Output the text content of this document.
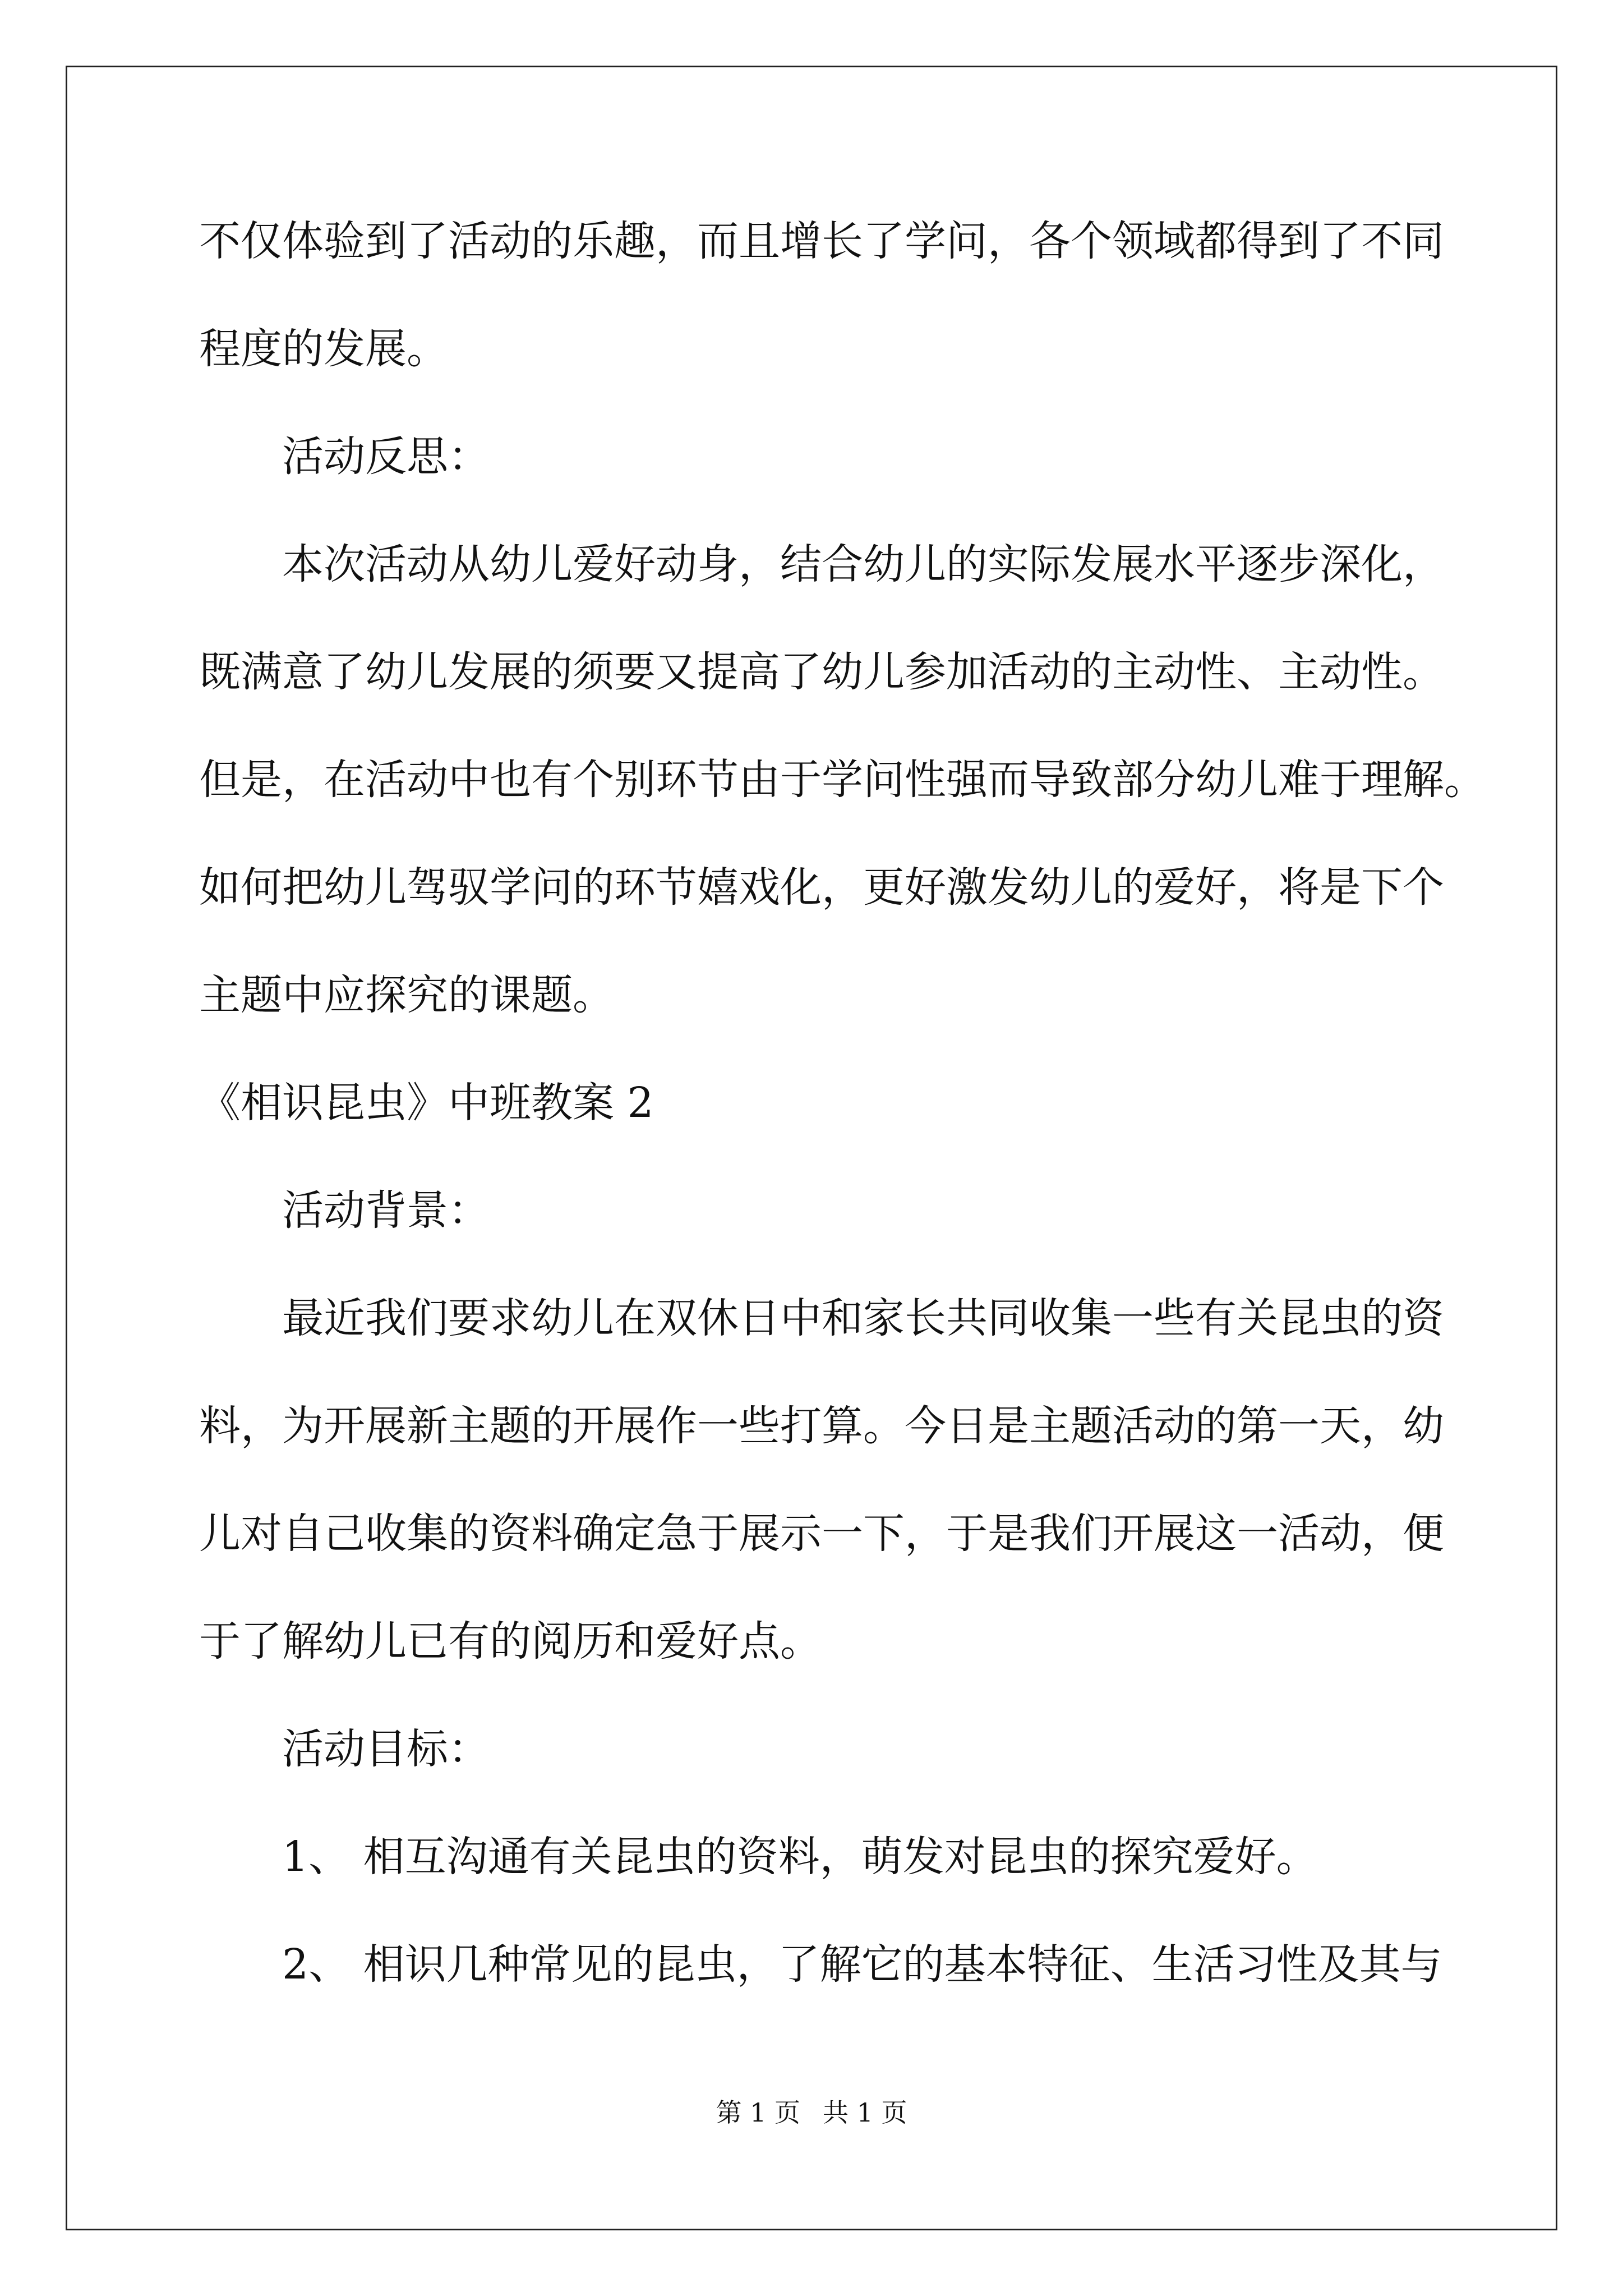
不仅体验到了活动的乐趣，而且增长了学问，各个领域都得到了不同
程度的发展。
活动反思：
本次活动从幼儿爱好动身，结合幼儿的实际发展水平逐步深化，
既满意了幼儿发展的须要又提高了幼儿参加活动的主动性、主动性。
但是，在活动中也有个别环节由于学问性强而导致部分幼儿难于理解。
如何把幼儿驾驭学问的环节嬉戏化，更好激发幼儿的爱好，将是下个
主题中应探究的课题。
《相识昆虫》中班教案 2
活动背景：
最近我们要求幼儿在双休日中和家长共同收集一些有关昆虫的资
料，为开展新主题的开展作一些打算。今日是主题活动的第一天，幼
儿对自己收集的资料确定急于展示一下，于是我们开展这一活动，便
于了解幼儿已有的阅历和爱好点。
活动目标：
1、 相互沟通有关昆虫的资料，萌发对昆虫的探究爱好。
2、 相识几种常见的昆虫，了解它的基本特征、生活习性及其与
第 1 页 共 1 页
